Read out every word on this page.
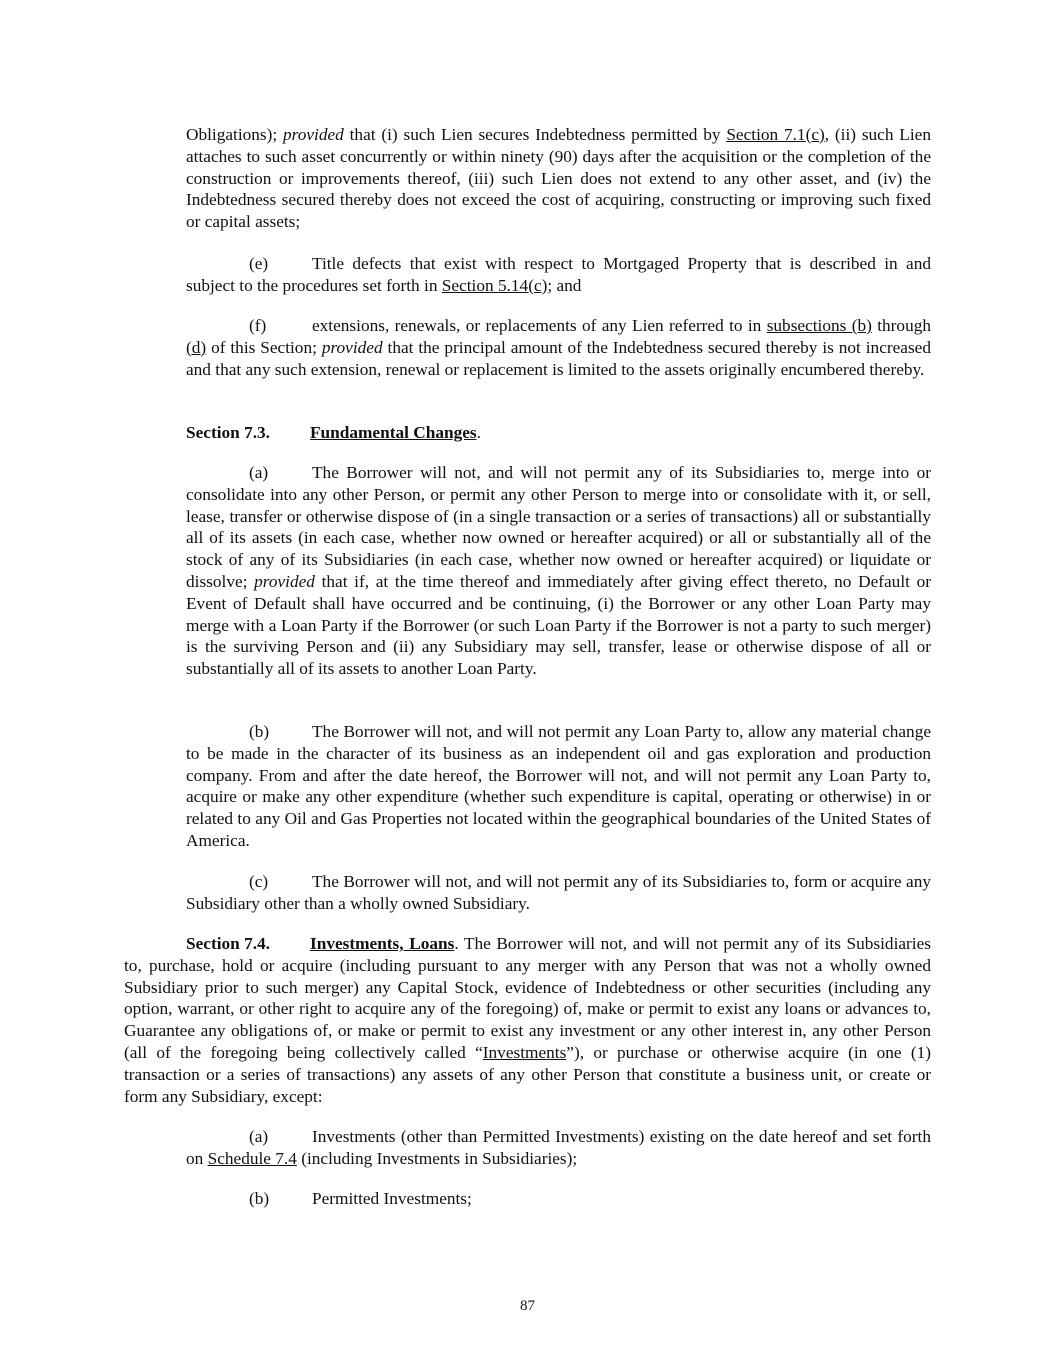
Obligations); provided that (i) such Lien secures Indebtedness permitted by Section 7.1(c), (ii) such Lien attaches to such asset concurrently or within ninety (90) days after the acquisition or the completion of the construction or improvements thereof, (iii) such Lien does not extend to any other asset, and (iv) the Indebtedness secured thereby does not exceed the cost of acquiring, constructing or improving such fixed or capital assets;

(e)	Title defects that exist with respect to Mortgaged Property that is described in and subject to the procedures set forth in Section 5.14(c); and

(f)	extensions, renewals, or replacements of any Lien referred to in subsections (b) through (d) of this Section; provided that the principal amount of the Indebtedness secured thereby is not increased and that any such extension, renewal or replacement is limited to the assets originally encumbered thereby.

Section 7.3. Fundamental Changes.

(a)	The Borrower will not, and will not permit any of its Subsidiaries to, merge into or consolidate into any other Person, or permit any other Person to merge into or consolidate with it, or sell, lease, transfer or otherwise dispose of (in a single transaction or a series of transactions) all or substantially all of its assets (in each case, whether now owned or hereafter acquired) or all or substantially all of the stock of any of its Subsidiaries (in each case, whether now owned or hereafter acquired) or liquidate or dissolve; provided that if, at the time thereof and immediately after giving effect thereto, no Default or Event of Default shall have occurred and be continuing, (i) the Borrower or any other Loan Party may merge with a Loan Party if the Borrower (or such Loan Party if the Borrower is not a party to such merger) is the surviving Person and (ii) any Subsidiary may sell, transfer, lease or otherwise dispose of all or substantially all of its assets to another Loan Party.

(b) The Borrower will not, and will not permit any Loan Party to, allow any material change to be made in the character of its business as an independent oil and gas exploration and production company. From and after the date hereof, the Borrower will not, and will not permit any Loan Party to, acquire or make any other expenditure (whether such expenditure is capital, operating or otherwise) in or related to any Oil and Gas Properties not located within the geographical boundaries of the United States of America.

(c)	The Borrower will not, and will not permit any of its Subsidiaries to, form or acquire any Subsidiary other than a wholly owned Subsidiary.

Section 7.4. Investments, Loans. The Borrower will not, and will not permit any of its Subsidiaries to, purchase, hold or acquire (including pursuant to any merger with any Person that was not a wholly owned Subsidiary prior to such merger) any Capital Stock, evidence of Indebtedness or other securities (including any option, warrant, or other right to acquire any of the foregoing) of, make or permit to exist any loans or advances to, Guarantee any obligations of, or make or permit to exist any investment or any other interest in, any other Person (all of the foregoing being collectively called “Investments”), or purchase or otherwise acquire (in one (1) transaction or a series of transactions) any assets of any other Person that constitute a business unit, or create or form any Subsidiary, except:

(a)	Investments (other than Permitted Investments) existing on the date hereof and set forth on Schedule 7.4 (including Investments in Subsidiaries);

(b) Permitted Investments;

87
